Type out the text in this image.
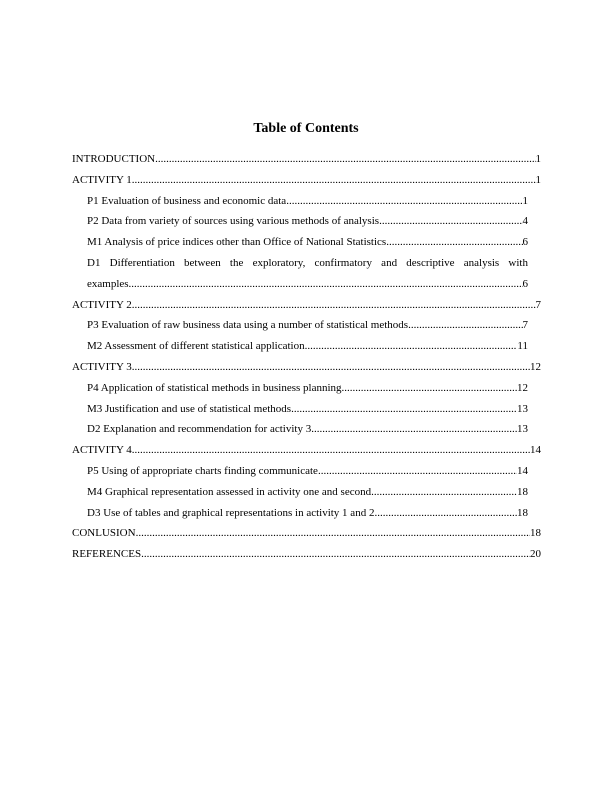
Table of Contents
INTRODUCTION .....	1
ACTIVITY 1 .....	1
P1 Evaluation of business and economic data .....	1
P2 Data from variety of sources using various methods of analysis .....	4
M1 Analysis of price indices other than Office of National Statistics .....	6
D1 Differentiation between the exploratory, confirmatory and descriptive analysis with
examples .....	6
ACTIVITY 2 .....	7
P3 Evaluation of raw business data using a number of statistical methods .....	7
M2 Assessment of different statistical application .....	11
ACTIVITY 3 .....	12
P4 Application of statistical methods in business planning .....	12
M3 Justification and use of statistical methods .....	13
D2 Explanation and recommendation for activity 3 .....	13
ACTIVITY 4 .....	14
P5 Using of appropriate charts finding communicate .....	14
M4 Graphical representation assessed in activity one and second .....	18
D3 Use of tables and graphical representations in activity 1 and 2 .....	18
CONLUSION .....	18
REFERENCES .....	20
